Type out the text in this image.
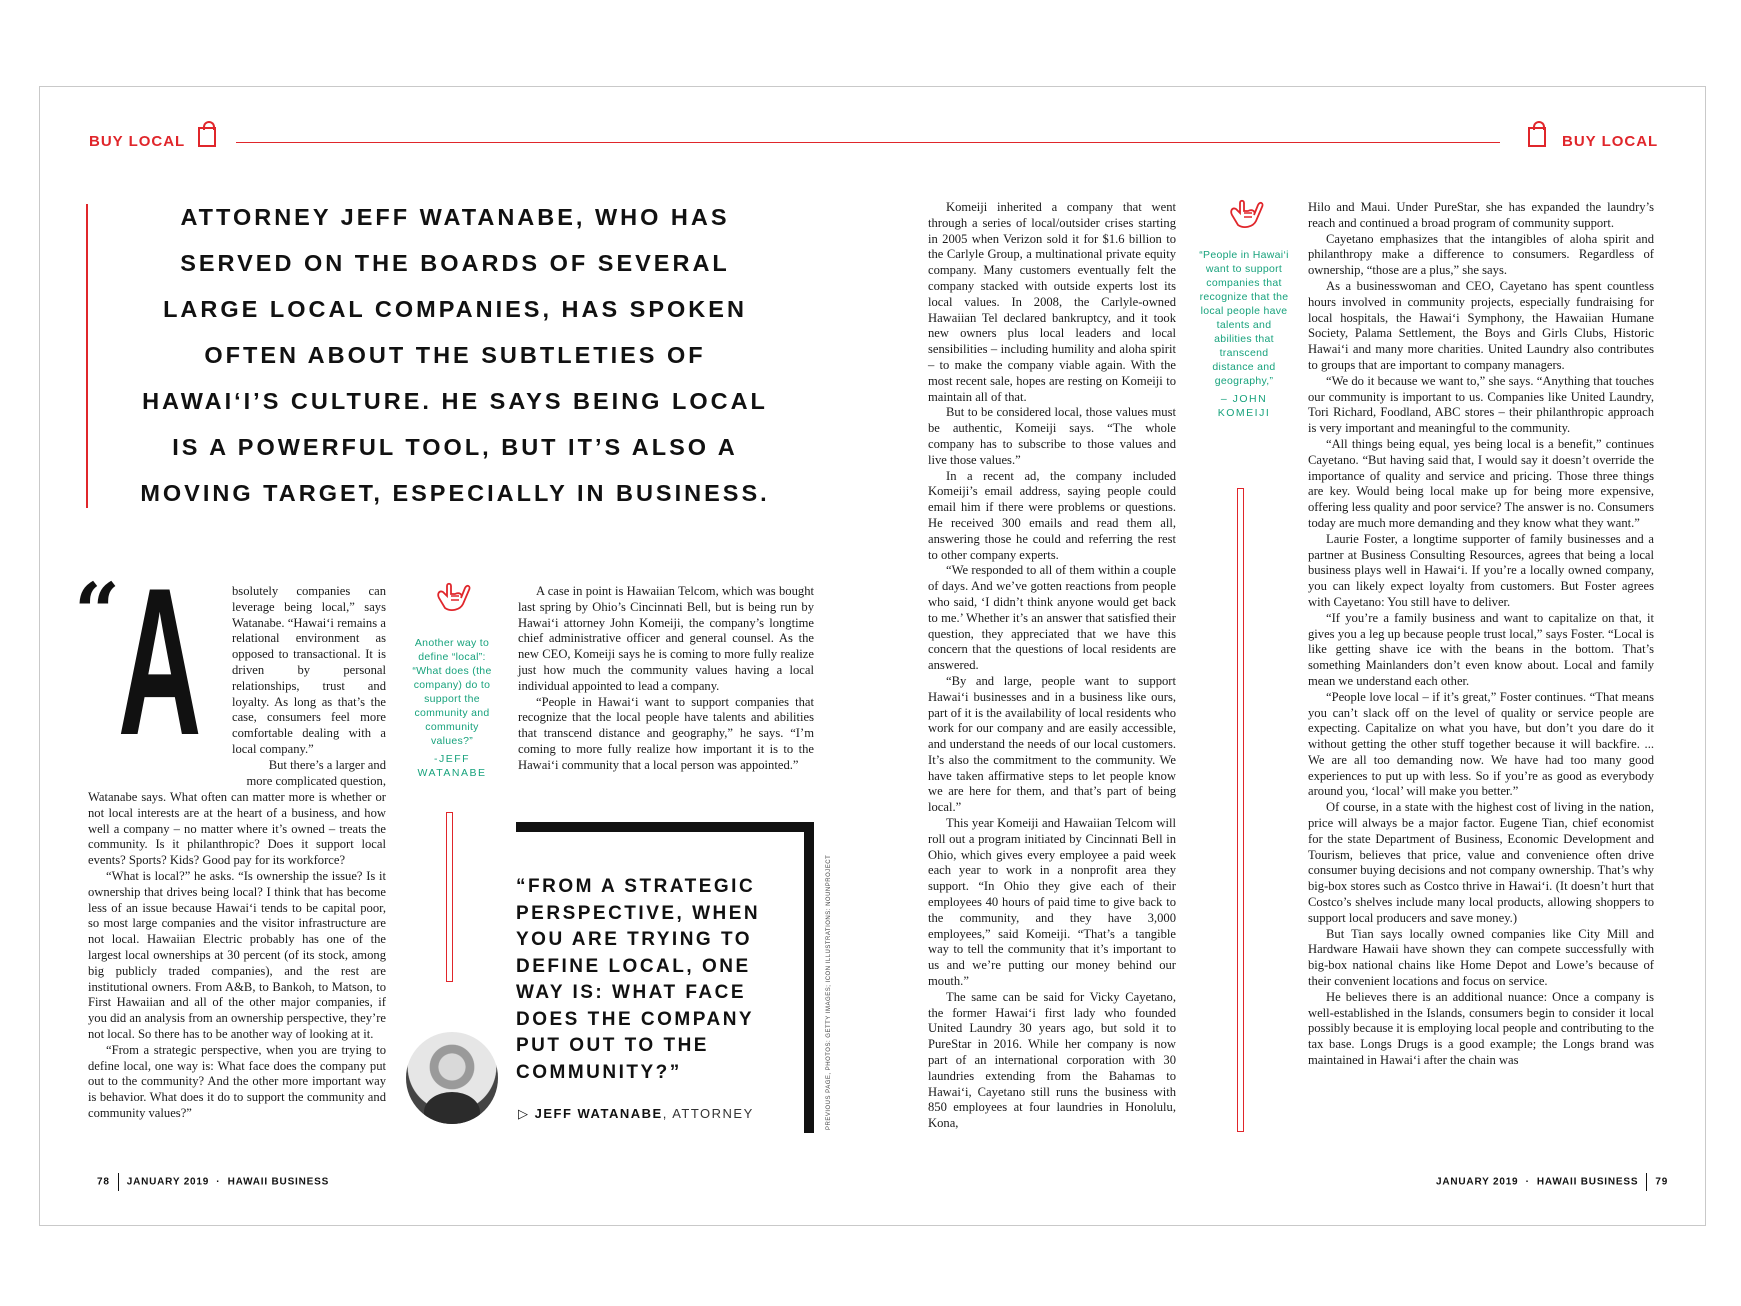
BUY LOCAL	BUY LOCAL
ATTORNEY JEFF WATANABE, WHO HAS SERVED ON THE BOARDS OF SEVERAL LARGE LOCAL COMPANIES, HAS SPOKEN OFTEN ABOUT THE SUBTLETIES OF HAWAI‘I’S CULTURE. HE SAYS BEING LOCAL IS A POWERFUL TOOL, BUT IT’S ALSO A MOVING TARGET, ESPECIALLY IN BUSINESS.
“
A bsolutely companies can leverage being local,” says Watanabe. “Hawai‘i remains a relational environment as opposed to transactional. It is driven by personal relationships, trust and loyalty. As long as that’s the case, consumers feel more comfortable dealing with a local company.”

But there’s a larger and more complicated question,

Watanabe says. What often can matter more is whether or not local interests are at the heart of a business, and how well a company – no matter where it’s owned – treats the community. Is it philanthropic? Does it support local events? Sports? Kids? Good pay for its workforce?

“What is local?” he asks. “Is ownership the issue? Is it ownership that drives being local? I think that has become less of an issue because Hawai‘i tends to be capital poor, so most large companies and the visitor infrastructure are not local. Hawaiian Electric probably has one of the largest local ownerships at 30 percent (of its stock, among big publicly traded companies), and the rest are institutional owners. From A&B, to Bankoh, to Matson, to First Hawaiian and all of the other major companies, if you did an analysis from an ownership perspective, they’re not local. So there has to be another way of looking at it.

“From a strategic perspective, when you are trying to define local, one way is: What face does the company put out to the community? And the other more important way is behavior. What does it do to support the community and community values?”

Another way to define “local”: “What does (the company) do to support the community and community values?”
-JEFF WATANABE

A case in point is Hawaiian Telcom, which was bought last spring by Ohio’s Cincinnati Bell, but is being run by Hawai‘i attorney John Komeiji, the company’s longtime chief administrative officer and general counsel. As the new CEO, Komeiji says he is coming to more fully realize just how much the community values having a local individual appointed to lead a company.

“People in Hawai‘i want to support companies that recognize that the local people have talents and abilities that transcend distance and geography,” he says. “I’m coming to more fully realize how important it is to the Hawai‘i community that a local person was appointed.”

“FROM A STRATEGIC PERSPECTIVE, WHEN YOU ARE TRYING TO DEFINE LOCAL, ONE WAY IS: WHAT FACE DOES THE COMPANY PUT OUT TO THE COMMUNITY?”
▷ JEFF WATANABE, ATTORNEY	PREVIOUS PAGE, PHOTOS: GETTY IMAGES; ICON ILLUSTRATIONS: NOUNPROJECT

Komeiji inherited a company that went through a series of local/outsider crises starting in 2005 when Verizon sold it for $1.6 billion to the Carlyle Group, a multinational private equity company. Many customers eventually felt the company stacked with outside experts lost its local values. In 2008, the Carlyle-owned Hawaiian Tel declared bankruptcy, and it took new owners plus local leaders and local sensibilities – including humility and aloha spirit – to make the company viable again. With the most recent sale, hopes are resting on Komeiji to maintain all of that.

But to be considered local, those values must be authentic, Komeiji says. “The whole company has to subscribe to those values and live those values.”

In a recent ad, the company included Komeiji’s email address, saying people could email him if there were problems or questions. He received 300 emails and read them all, answering those he could and referring the rest to other company experts.

“We responded to all of them within a couple of days. And we’ve gotten reactions from people who said, ‘I didn’t think anyone would get back to me.’ Whether it’s an answer that satisfied their question, they appreciated that we have this concern that the questions of local residents are answered.

“By and large, people want to support Hawai‘i businesses and in a business like ours, part of it is the availability of local residents who work for our company and are easily accessible, and understand the needs of our local customers. It’s also the commitment to the community. We have taken affirmative steps to let people know we are here for them, and that’s part of being local.”

This year Komeiji and Hawaiian Telcom will roll out a program initiated by Cincinnati Bell in Ohio, which gives every employee a paid week each year to work in a nonprofit area they support. “In Ohio they give each of their employees 40 hours of paid time to give back to the community, and they have 3,000 employees,” said Komeiji. “That’s a tangible way to tell the community that it’s important to us and we’re putting our money behind our mouth.”

The same can be said for Vicky Cayetano, the former Hawai‘i first lady who founded United Laundry 30 years ago, but sold it to PureStar in 2016. While her company is now part of an international corporation with 30 laundries extending from the Bahamas to Hawai‘i, Cayetano still runs the business with 850 employees at four laundries in Honolulu, Kona,

“People in Hawai‘i want to support companies that recognize that the local people have talents and abilities that transcend distance and geography,”
– JOHN KOMEIJI

Hilo and Maui. Under PureStar, she has expanded the laundry’s reach and continued a broad program of community support.

Cayetano emphasizes that the intangibles of aloha spirit and philanthropy make a difference to consumers. Regardless of ownership, “those are a plus,” she says.

As a businesswoman and CEO, Cayetano has spent countless hours involved in community projects, especially fundraising for local hospitals, the Hawai‘i Symphony, the Hawaiian Humane Society, Palama Settlement, the Boys and Girls Clubs, Historic Hawai‘i and many more charities. United Laundry also contributes to groups that are important to company managers.

“We do it because we want to,” she says. “Anything that touches our community is important to us. Companies like United Laundry, Tori Richard, Foodland, ABC stores – their philanthropic approach is very important and meaningful to the community.

“All things being equal, yes being local is a benefit,” continues Cayetano. “But having said that, I would say it doesn’t override the importance of quality and service and pricing. Those three things are key. Would being local make up for being more expensive, offering less quality and poor service? The answer is no. Consumers today are much more demanding and they know what they want.”

Laurie Foster, a longtime supporter of family businesses and a partner at Business Consulting Resources, agrees that being a local business plays well in Hawai‘i. If you’re a locally owned company, you can likely expect loyalty from customers. But Foster agrees with Cayetano: You still have to deliver.

“If you’re a family business and want to capitalize on that, it gives you a leg up because people trust local,” says Foster. “Local is like getting shave ice with the beans in the bottom. That’s something Mainlanders don’t even know about. Local and family mean we understand each other.

“People love local – if it’s great,” Foster continues. “That means you can’t slack off on the level of quality or service people are expecting. Capitalize on what you have, but don’t you dare do it without getting the other stuff together because it will backfire. ... We are all too demanding now. We have had too many good experiences to put up with less. So if you’re as good as everybody around you, ‘local’ will make you better.”

Of course, in a state with the highest cost of living in the nation, price will always be a major factor. Eugene Tian, chief economist for the state Department of Business, Economic Development and Tourism, believes that price, value and convenience often drive consumer buying decisions and not company ownership. That’s why big-box stores such as Costco thrive in Hawai‘i. (It doesn’t hurt that Costco’s shelves include many local products, allowing shoppers to support local producers and save money.)

But Tian says locally owned companies like City Mill and Hardware Hawaii have shown they can compete successfully with big-box national chains like Home Depot and Lowe’s because of their convenient locations and focus on service.

He believes there is an additional nuance: Once a company is well-established in the Islands, consumers begin to consider it local possibly because it is employing local people and contributing to the tax base. Longs Drugs is a good example; the Longs brand was maintained in Hawai‘i after the chain was

78 JANUARY 2019  ·  HAWAII BUSINESS	JANUARY 2019  ·  HAWAII BUSINESS 79
